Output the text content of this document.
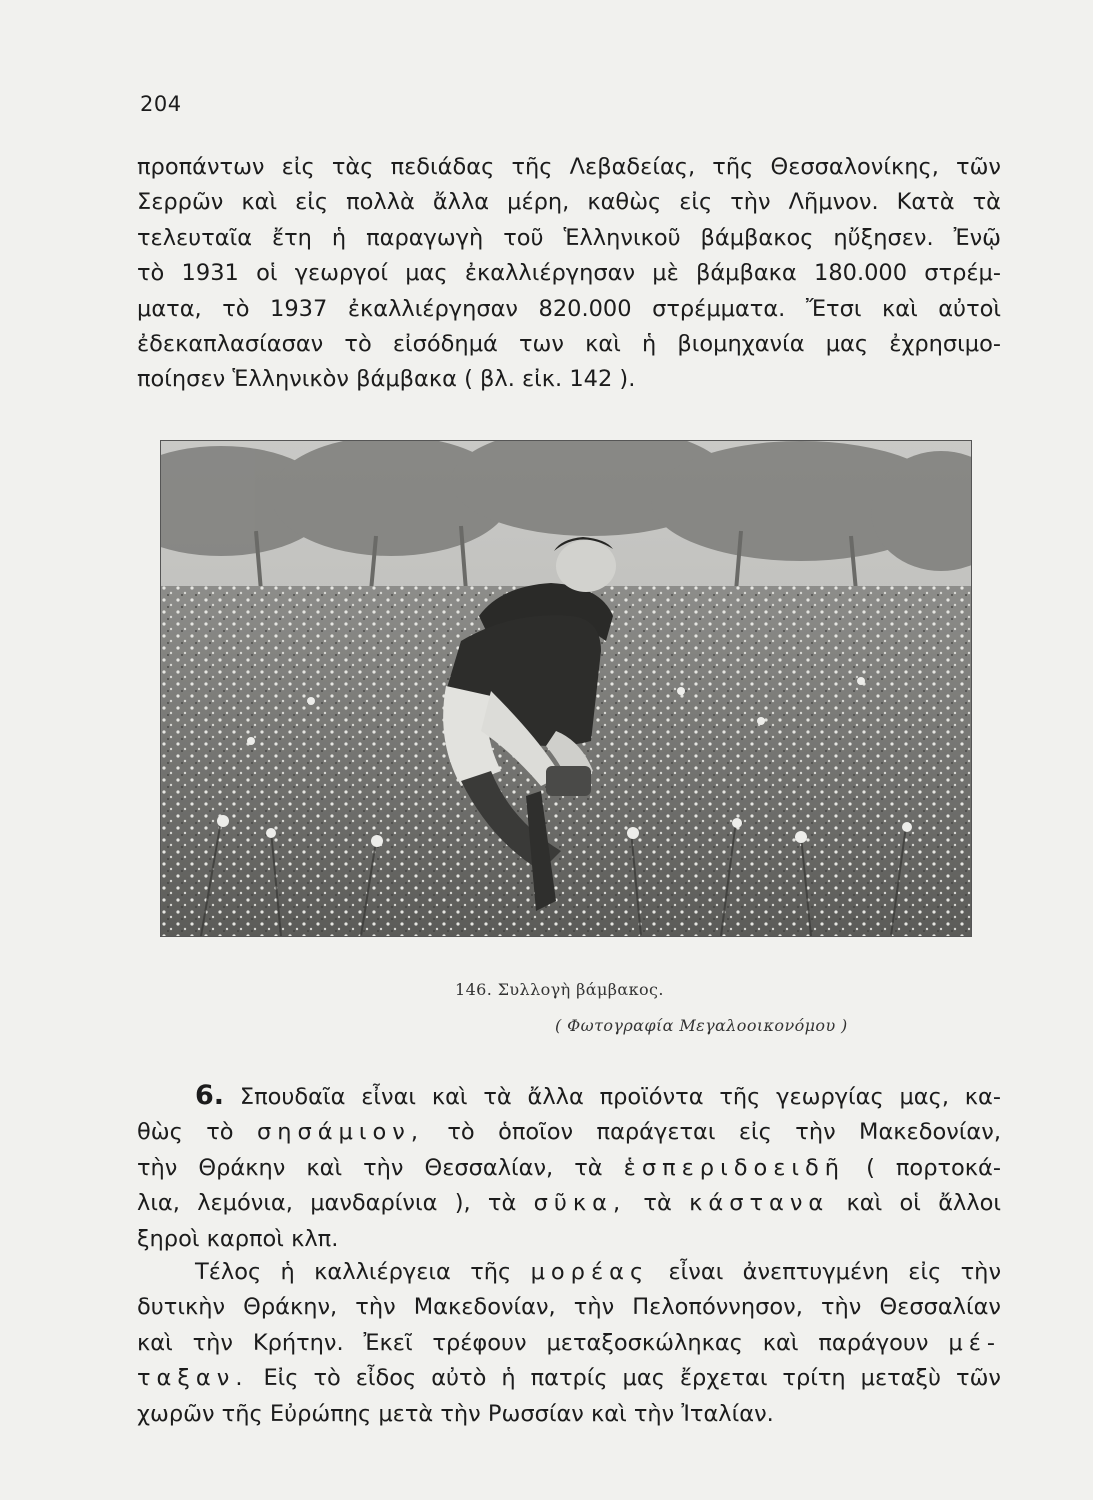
204

προπάντων εἰς τὰς πεδιάδας τῆς Λεβαδείας, τῆς Θεσσαλονίκης, τῶν
Σερρῶν καὶ εἰς πολλὰ ἄλλα μέρη, καθὼς εἰς τὴν Λῆμνον. Κατὰ τὰ
τελευταῖα ἔτη ἡ παραγωγὴ τοῦ Ἑλληνικοῦ βάμβακος ηὔξησεν. Ἐνῷ
τὸ 1931 οἱ γεωργοί μας ἐκαλλιέργησαν μὲ βάμβακα 180.000 στρέμ-
ματα, τὸ 1937 ἐκαλλιέργησαν 820.000 στρέμματα. Ἔτσι καὶ αὐτοὶ
ἐδεκαπλασίασαν τὸ εἰσόδημά των καὶ ἡ βιομηχανία μας ἐχρησιμο-
ποίησεν Ἑλληνικὸν βάμβακα ( βλ. εἰκ. 142 ).

146. Συλλογὴ βάμβακος.
( Φωτογραφία Μεγαλοοικονόμου )

6. Σπουδαῖα εἶναι καὶ τὰ ἄλλα προϊόντα τῆς γεωργίας μας, κα-
θὼς τὸ σησάμιον, τὸ ὁποῖον παράγεται εἰς τὴν Μακεδονίαν,
τὴν Θράκην καὶ τὴν Θεσσαλίαν, τὰ ἑσπεριδοειδῆ ( πορτοκά-
λια, λεμόνια, μανδαρίνια ), τὰ σῦκα, τὰ κάστανα καὶ οἱ ἄλλοι
ξηροὶ καρποὶ κλπ.

Τέλος ἡ καλλιέργεια τῆς μορέας εἶναι ἀνεπτυγμένη εἰς τὴν
δυτικὴν Θράκην, τὴν Μακεδονίαν, τὴν Πελοπόννησον, τὴν Θεσσαλίαν
καὶ τὴν Κρήτην. Ἐκεῖ τρέφουν μεταξοσκώληκας καὶ παράγουν μέ-
ταξαν. Εἰς τὸ εἶδος αὐτὸ ἡ πατρίς μας ἔρχεται τρίτη μεταξὺ τῶν
χωρῶν τῆς Εὐρώπης μετὰ τὴν Ρωσσίαν καὶ τὴν Ἰταλίαν.
